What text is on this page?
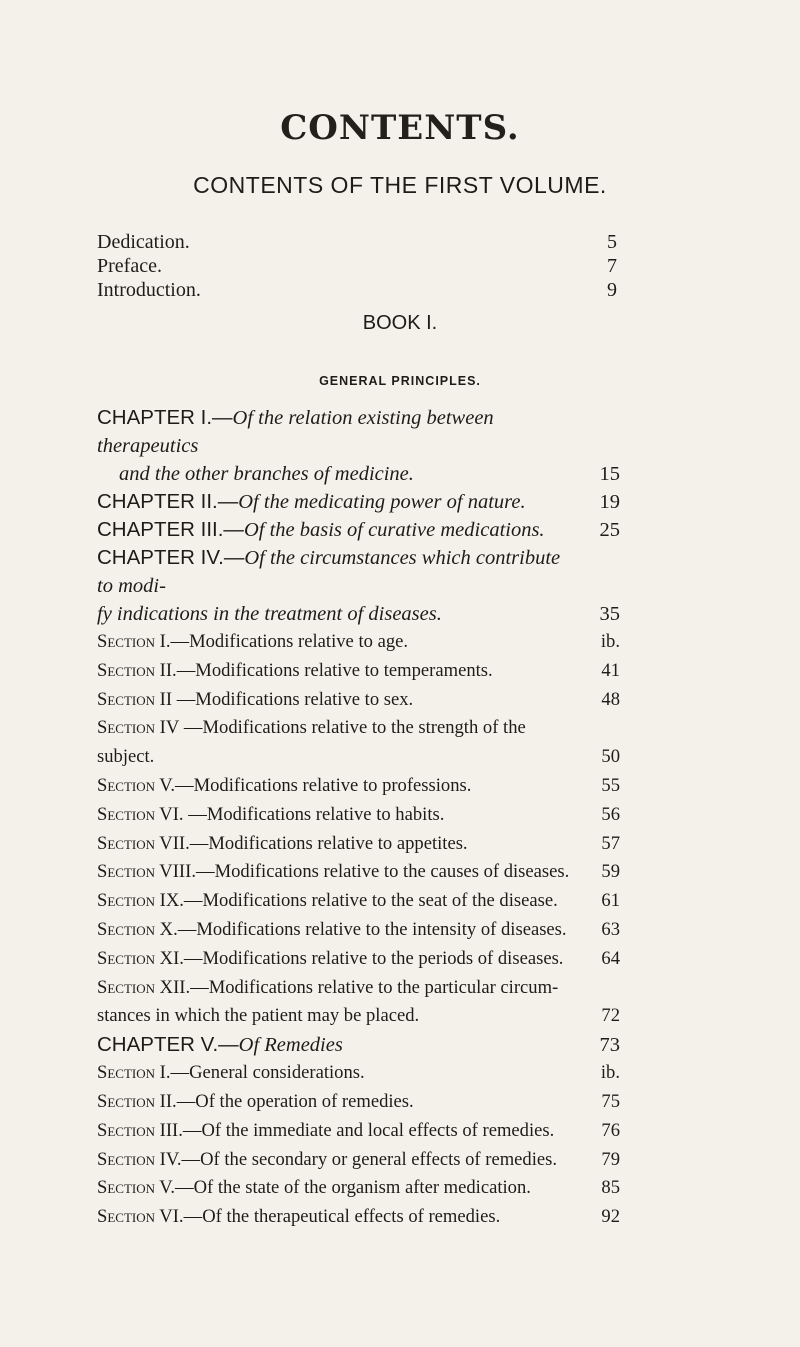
CONTENTS.
CONTENTS OF THE FIRST VOLUME.
Dedication.	5
Preface.	7
Introduction.	9
BOOK I.
GENERAL PRINCIPLES.
CHAPTER I.—Of the relation existing between therapeutics
and the other branches of medicine.	15
CHAPTER II.—Of the medicating power of nature.	19
CHAPTER III.—Of the basis of curative medications.	25
CHAPTER IV.—Of the circumstances which contribute to modi-
fy indications in the treatment of diseases.	35
Section I.—Modifications relative to age.	ib.
Section II.—Modifications relative to temperaments.	41
Section II —Modifications relative to sex.	48
Section IV —Modifications relative to the strength of the
subject.	50
Section V.—Modifications relative to professions.	55
Section VI. —Modifications relative to habits.	56
Section VII.—Modifications relative to appetites.	57
Section VIII.—Modifications relative to the causes of diseases.	59
Section IX.—Modifications relative to the seat of the disease.	61
Section X.—Modifications relative to the intensity of diseases.	63
Section XI.—Modifications relative to the periods of diseases.	64
Section XII.—Modifications relative to the particular circum-
stances in which the patient may be placed.	72
CHAPTER V.—Of Remedies	73
Section I.—General considerations.	ib.
Section II.—Of the operation of remedies.	75
Section III.—Of the immediate and local effects of remedies.	76
Section IV.—Of the secondary or general effects of remedies.	79
Section V.—Of the state of the organism after medication.	85
Section VI.—Of the therapeutical effects of remedies.	92
